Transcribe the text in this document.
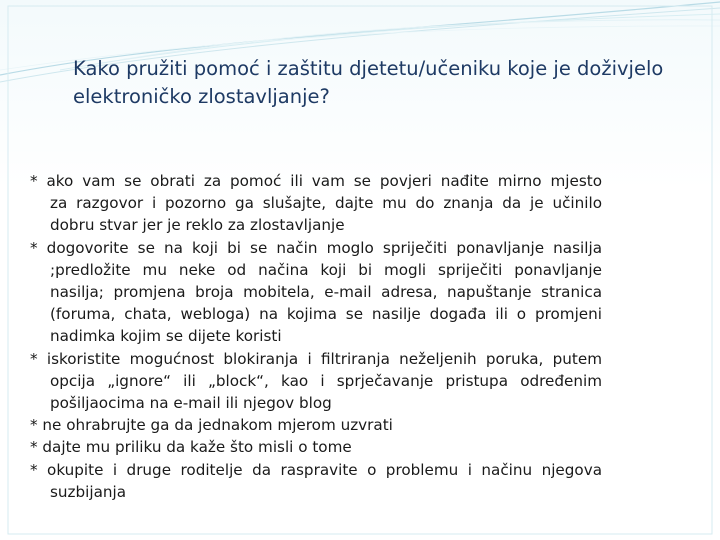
Kako pružiti pomoć i zaštitu djetetu/učeniku koje je doživjelo
elektroničko zlostavljanje?
* ako vam se obrati za pomoć ili vam se povjeri nađite mirno mjesto
za razgovor i pozorno ga slušajte, dajte mu do znanja da je učinilo
dobru stvar jer je reklo za zlostavljanje
* dogovorite se na koji bi se način moglo spriječiti ponavljanje nasilja
;predložite mu neke od načina koji bi mogli spriječiti ponavljanje
nasilja; promjena broja mobitela, e-mail adresa, napuštanje stranica
(foruma, chata, webloga) na kojima se nasilje događa ili o promjeni
nadimka kojim se dijete koristi
* iskoristite mogućnost blokiranja i filtriranja neželjenih poruka, putem
opcija „ignore“ ili „block“, kao i sprječavanje pristupa određenim
pošiljaocima na e-mail ili njegov blog
* ne ohrabrujte ga da jednakom mjerom uzvrati
* dajte mu priliku da kaže što misli o tome
* okupite i druge roditelje da raspravite o problemu i načinu njegova
suzbijanja
